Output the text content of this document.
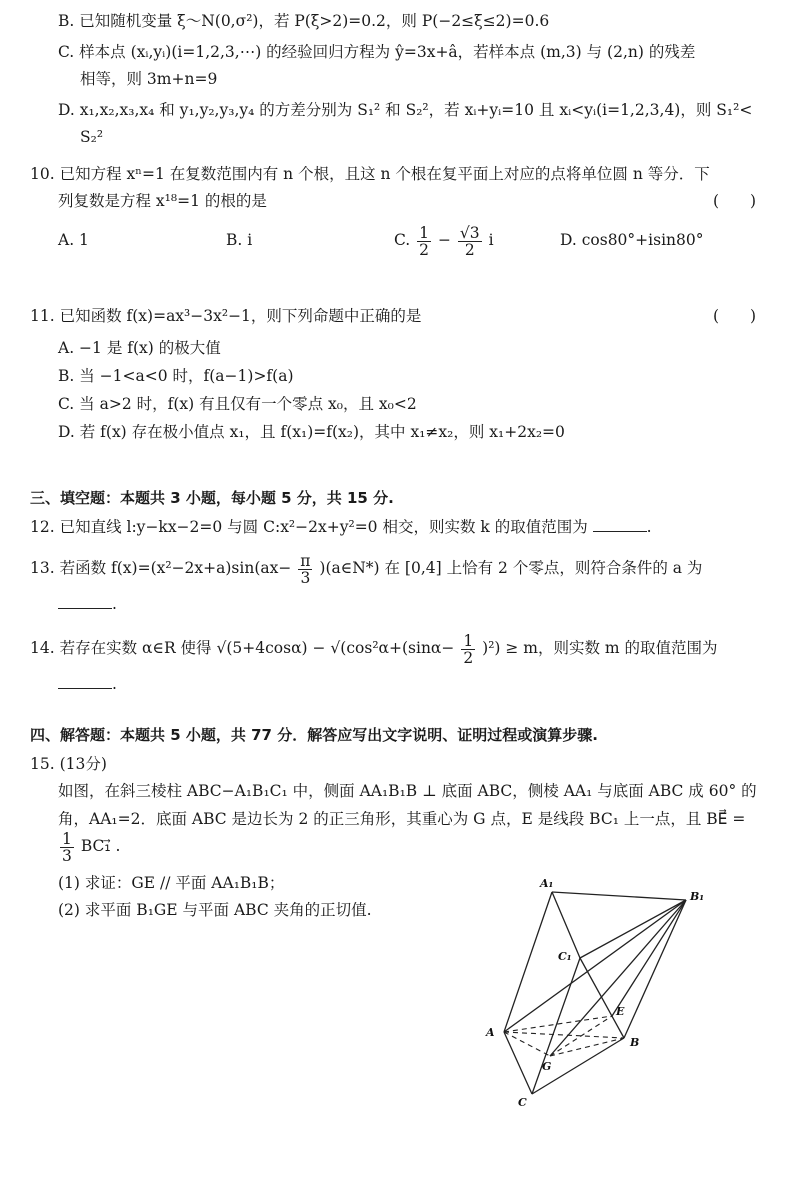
B. 已知随机变量 ξ～N(0,σ²)，若 P(ξ>2)=0.2，则 P(−2≤ξ≤2)=0.6
C. 样本点 (xᵢ,yᵢ)(i=1,2,3,⋯) 的经验回归方程为 ŷ=3x+â，若样本点 (m,3) 与 (2,n) 的残差
相等，则 3m+n=9
D. x₁,x₂,x₃,x₄ 和 y₁,y₂,y₃,y₄ 的方差分别为 S₁² 和 S₂²，若 xᵢ+yᵢ=10 且 xᵢ<yᵢ(i=1,2,3,4)，则 S₁²<
S₂²
10. 已知方程 xⁿ=1 在复数范围内有 n 个根，且这 n 个根在复平面上对应的点将单位圆 n 等分．下
列复数是方程 x¹⁸=1 的根的是	(　　)
A. 1	B. i	C. $\frac{1}{2} - \frac{√3}{2}$ i	D. cos80°+isin80°
11. 已知函数 f(x)=ax³−3x²−1，则下列命题中正确的是	(　　)
A. −1 是 f(x) 的极大值
B. 当 −1<a<0 时，f(a−1)>f(a)
C. 当 a>2 时，f(x) 有且仅有一个零点 x₀，且 x₀<2
D. 若 f(x) 存在极小值点 x₁，且 f(x₁)=f(x₂)，其中 x₁≠x₂，则 x₁+2x₂=0
三、填空题：本题共 3 小题，每小题 5 分，共 15 分.
12. 已知直线 l:y−kx−2=0 与圆 C:x²−2x+y²=0 相交，则实数 k 的取值范围为	.
13. 若函数 $f(x)=(x^2-2x+a)\sin(ax- \frac{\pi}{3}$ )(a∈N*) 在 [0,4] 上恰有 2 个零点，则符合条件的 a 为
.
14. 若存在实数 α∈R 使得 $√(5+4\cos\alpha) - √(\cos^2\alpha+(\sin\alpha- \frac{1}{2} )^2) \ge m$，则实数 m 的取值范围为
.
四、解答题：本题共 5 小题，共 77 分．解答应写出文字说明、证明过程或演算步骤.
15. (13分)
如图，在斜三棱柱 ABC−A₁B₁C₁ 中，侧面 AA₁B₁B ⊥ 底面 ABC，侧棱 AA₁ 与底面 ABC 成 60° 的
角，AA₁=2．底面 ABC 是边长为 2 的正三角形，其重心为 G 点，E 是线段 BC₁ 上一点，且 BE⃗ =
$\frac{1}{3}$ BC₁⃗ .
(1) 求证：GE // 平面 AA₁B₁B；
(2) 求平面 B₁GE 与平面 ABC 夹角的正切值.
A₁
B₁
C₁
A
B
C
E
G
